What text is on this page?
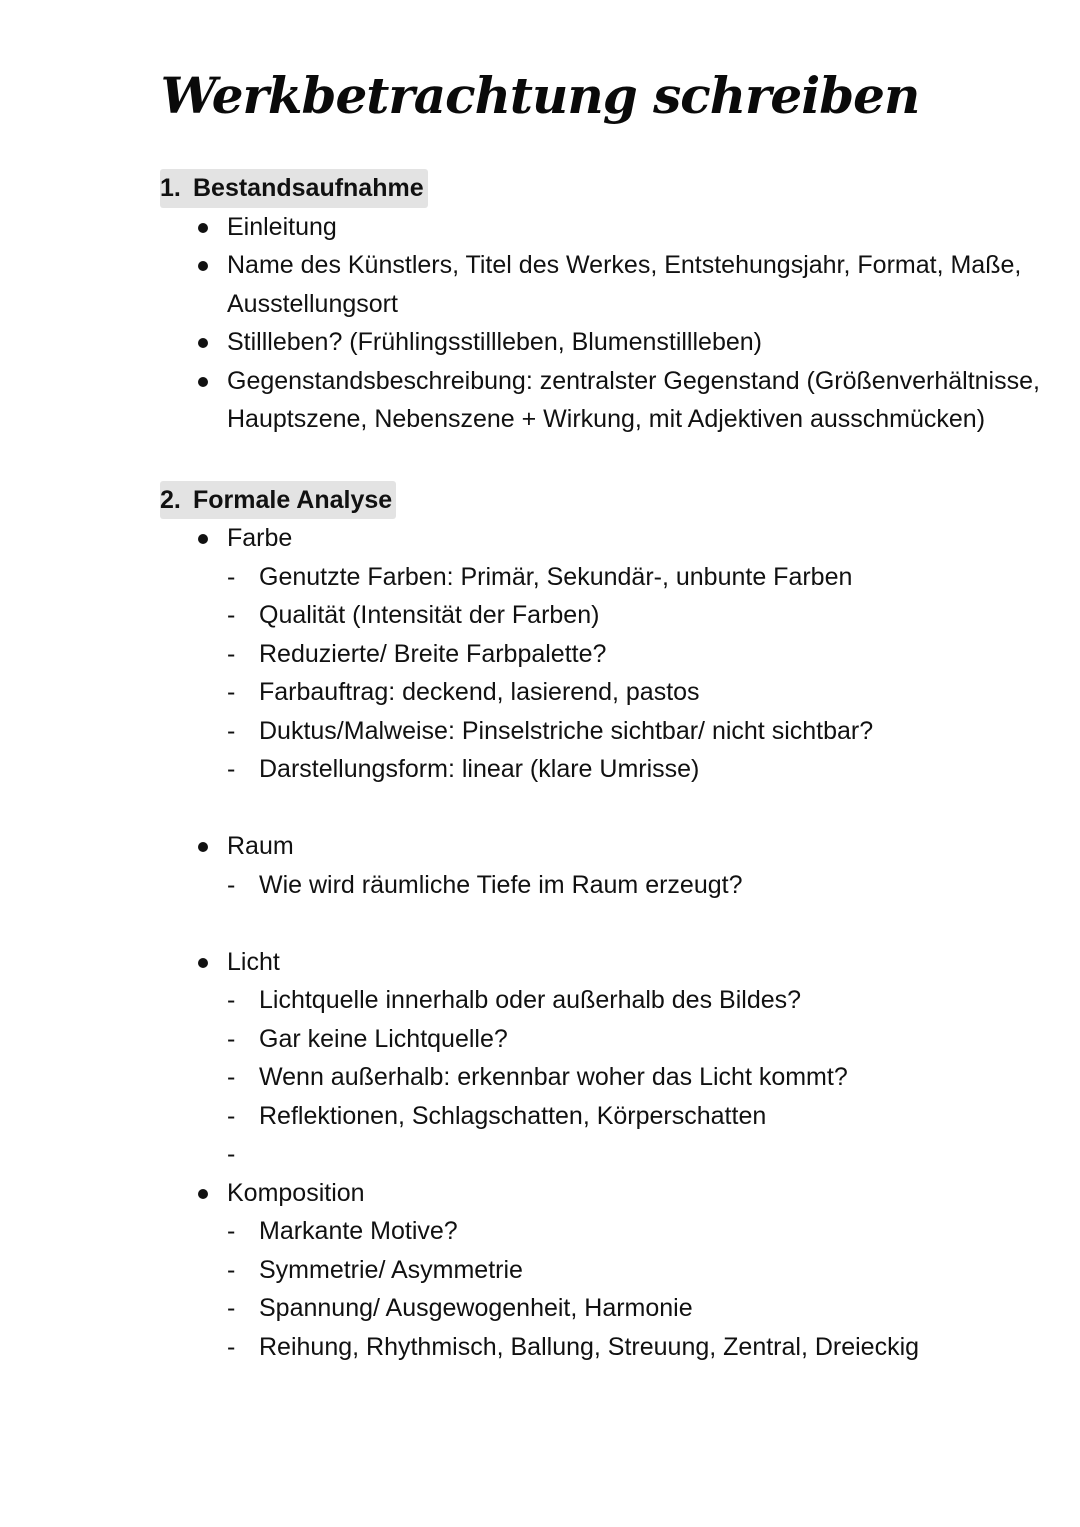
Werkbetrachtung schreiben
1. Bestandsaufnahme
Einleitung
Name des Künstlers, Titel des Werkes, Entstehungsjahr, Format, Maße, Ausstellungsort
Stillleben? (Frühlingsstillleben, Blumenstillleben)
Gegenstandsbeschreibung: zentralster Gegenstand (Größenverhältnisse, Hauptszene, Nebenszene + Wirkung, mit Adjektiven ausschmücken)
2. Formale Analyse
Farbe
- Genutzte Farben: Primär, Sekundär-, unbunte Farben
- Qualität (Intensität der Farben)
- Reduzierte/ Breite Farbpalette?
- Farbauftrag: deckend, lasierend, pastos
- Duktus/Malweise: Pinselstriche sichtbar/ nicht sichtbar?
- Darstellungsform: linear (klare Umrisse)
Raum
- Wie wird räumliche Tiefe im Raum erzeugt?
Licht
- Lichtquelle innerhalb oder außerhalb des Bildes?
- Gar keine Lichtquelle?
- Wenn außerhalb: erkennbar woher das Licht kommt?
- Reflektionen, Schlagschatten, Körperschatten
-
Komposition
- Markante Motive?
- Symmetrie/ Asymmetrie
- Spannung/ Ausgewogenheit, Harmonie
- Reihung, Rhythmisch, Ballung, Streuung, Zentral, Dreieckig
